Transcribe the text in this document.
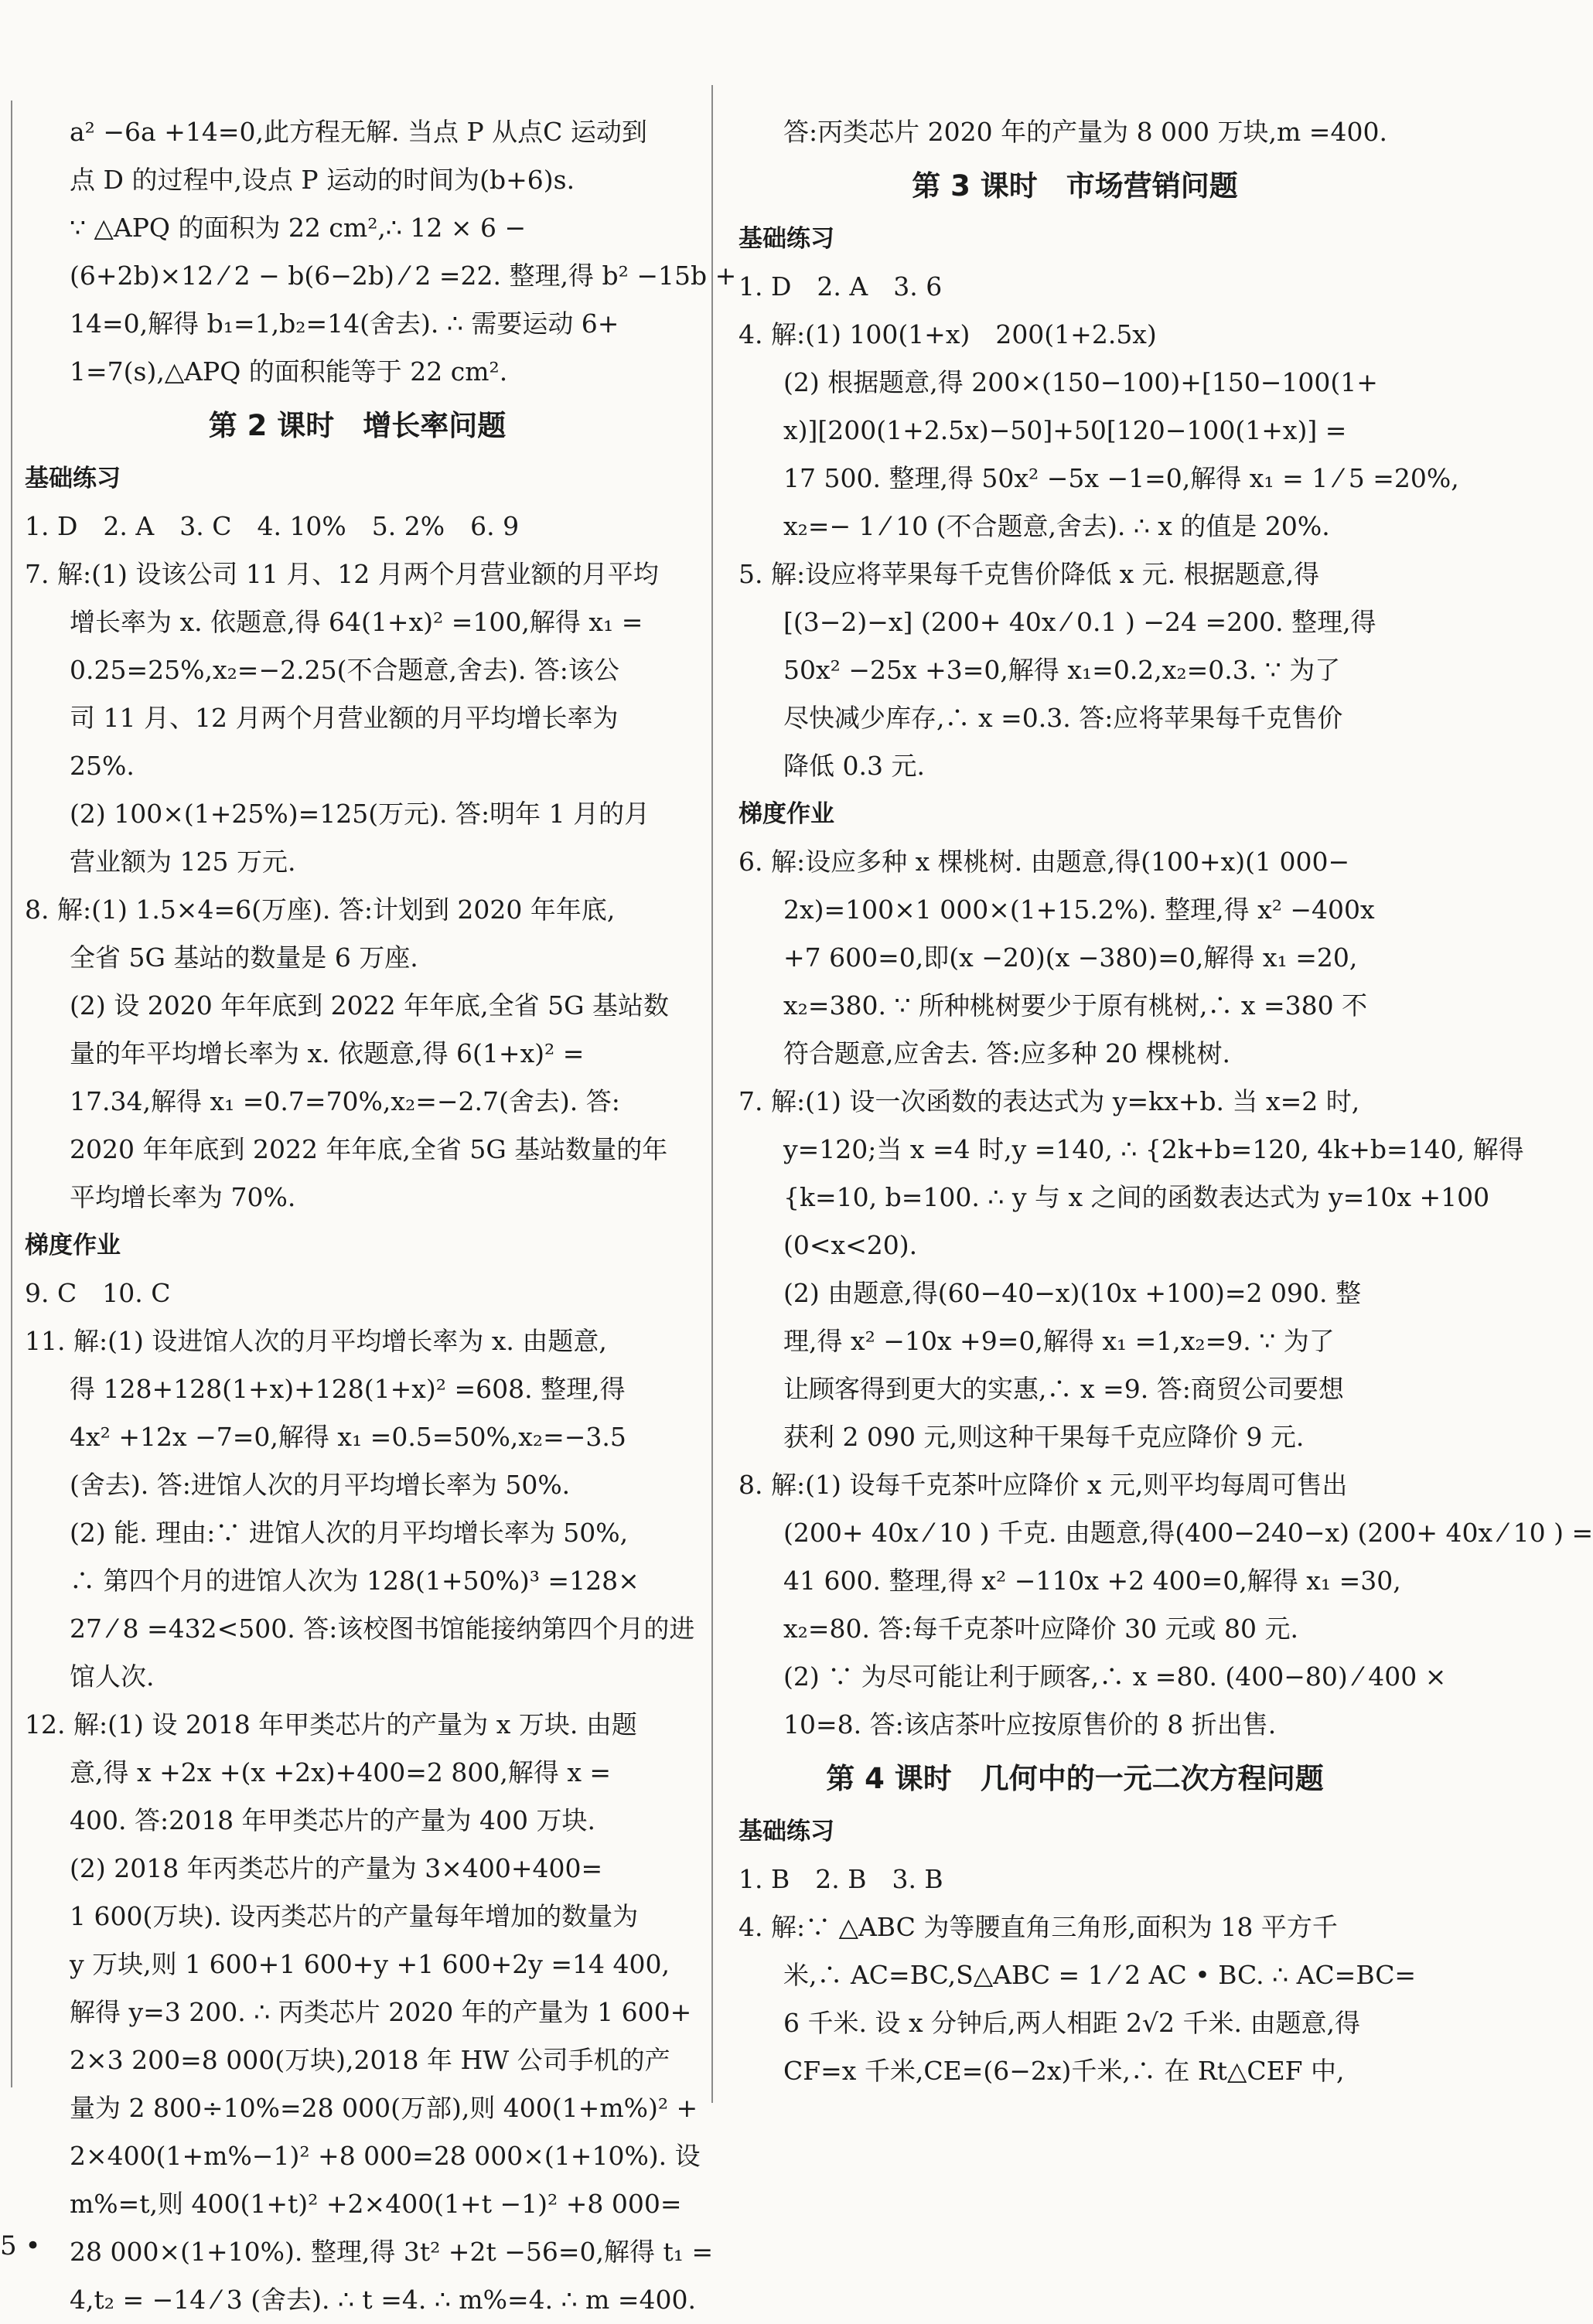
a² −6a +14=0,此方程无解. 当点 P 从点C 运动到
点 D 的过程中,设点 P 运动的时间为(b+6)s.
∵ △APQ 的面积为 22 cm²,∴ 12 × 6 −
(6+2b)×12 ⁄ 2 − b(6−2b) ⁄ 2 =22. 整理,得 b² −15b +
14=0,解得 b₁=1,b₂=14(舍去). ∴ 需要运动 6+
1=7(s),△APQ 的面积能等于 22 cm².
第 2 课时　增长率问题
基础练习
1. D　2. A　3. C　4. 10%　5. 2%　6. 9
7. 解:(1) 设该公司 11 月、12 月两个月营业额的月平均
增长率为 x. 依题意,得 64(1+x)² =100,解得 x₁ =
0.25=25%,x₂=−2.25(不合题意,舍去). 答:该公
司 11 月、12 月两个月营业额的月平均增长率为
25%.
(2) 100×(1+25%)=125(万元). 答:明年 1 月的月
营业额为 125 万元.
8. 解:(1) 1.5×4=6(万座). 答:计划到 2020 年年底,
全省 5G 基站的数量是 6 万座.
(2) 设 2020 年年底到 2022 年年底,全省 5G 基站数
量的年平均增长率为 x. 依题意,得 6(1+x)² =
17.34,解得 x₁ =0.7=70%,x₂=−2.7(舍去). 答:
2020 年年底到 2022 年年底,全省 5G 基站数量的年
平均增长率为 70%.
梯度作业
9. C　10. C
11. 解:(1) 设进馆人次的月平均增长率为 x. 由题意,
得 128+128(1+x)+128(1+x)² =608. 整理,得
4x² +12x −7=0,解得 x₁ =0.5=50%,x₂=−3.5
(舍去). 答:进馆人次的月平均增长率为 50%.
(2) 能. 理由:∵ 进馆人次的月平均增长率为 50%,
∴ 第四个月的进馆人次为 128(1+50%)³ =128×
27 ⁄ 8 =432<500. 答:该校图书馆能接纳第四个月的进
馆人次.
12. 解:(1) 设 2018 年甲类芯片的产量为 x 万块. 由题
意,得 x +2x +(x +2x)+400=2 800,解得 x =
400. 答:2018 年甲类芯片的产量为 400 万块.
(2) 2018 年丙类芯片的产量为 3×400+400=
1 600(万块). 设丙类芯片的产量每年增加的数量为
y 万块,则 1 600+1 600+y +1 600+2y =14 400,
解得 y=3 200. ∴ 丙类芯片 2020 年的产量为 1 600+
2×3 200=8 000(万块),2018 年 HW 公司手机的产
量为 2 800÷10%=28 000(万部),则 400(1+m%)² +
2×400(1+m%−1)² +8 000=28 000×(1+10%). 设
m%=t,则 400(1+t)² +2×400(1+t −1)² +8 000=
28 000×(1+10%). 整理,得 3t² +2t −56=0,解得 t₁ =
4,t₂ = −14 ⁄ 3 (舍去). ∴ t =4. ∴ m%=4. ∴ m =400.
答:丙类芯片 2020 年的产量为 8 000 万块,m =400.
第 3 课时　市场营销问题
基础练习
1. D　2. A　3. 6
4. 解:(1) 100(1+x)　200(1+2.5x)
(2) 根据题意,得 200×(150−100)+[150−100(1+
x)][200(1+2.5x)−50]+50[120−100(1+x)] =
17 500. 整理,得 50x² −5x −1=0,解得 x₁ = 1 ⁄ 5 =20%,
x₂=− 1 ⁄ 10 (不合题意,舍去). ∴ x 的值是 20%.
5. 解:设应将苹果每千克售价降低 x 元. 根据题意,得
[(3−2)−x] (200+ 40x ⁄ 0.1 ) −24 =200. 整理,得
50x² −25x +3=0,解得 x₁=0.2,x₂=0.3. ∵ 为了
尽快减少库存,∴ x =0.3. 答:应将苹果每千克售价
降低 0.3 元.
梯度作业
6. 解:设应多种 x 棵桃树. 由题意,得(100+x)(1 000−
2x)=100×1 000×(1+15.2%). 整理,得 x² −400x
+7 600=0,即(x −20)(x −380)=0,解得 x₁ =20,
x₂=380. ∵ 所种桃树要少于原有桃树,∴ x =380 不
符合题意,应舍去. 答:应多种 20 棵桃树.
7. 解:(1) 设一次函数的表达式为 y=kx+b. 当 x=2 时,
y=120;当 x =4 时,y =140, ∴ {2k+b=120, 4k+b=140, 解得
{k=10, b=100. ∴ y 与 x 之间的函数表达式为 y=10x +100
(0<x<20).
(2) 由题意,得(60−40−x)(10x +100)=2 090. 整
理,得 x² −10x +9=0,解得 x₁ =1,x₂=9. ∵ 为了
让顾客得到更大的实惠,∴ x =9. 答:商贸公司要想
获利 2 090 元,则这种干果每千克应降价 9 元.
8. 解:(1) 设每千克茶叶应降价 x 元,则平均每周可售出
(200+ 40x ⁄ 10 ) 千克. 由题意,得(400−240−x) (200+ 40x ⁄ 10 ) =
41 600. 整理,得 x² −110x +2 400=0,解得 x₁ =30,
x₂=80. 答:每千克茶叶应降价 30 元或 80 元.
(2) ∵ 为尽可能让利于顾客,∴ x =80. (400−80) ⁄ 400 ×
10=8. 答:该店茶叶应按原售价的 8 折出售.
第 4 课时　几何中的一元二次方程问题
基础练习
1. B　2. B　3. B
4. 解:∵ △ABC 为等腰直角三角形,面积为 18 平方千
米,∴ AC=BC,S△ABC = 1 ⁄ 2 AC • BC. ∴ AC=BC=
6 千米. 设 x 分钟后,两人相距 2√2 千米. 由题意,得
CF=x 千米,CE=(6−2x)千米,∴ 在 Rt△CEF 中,
5 •
